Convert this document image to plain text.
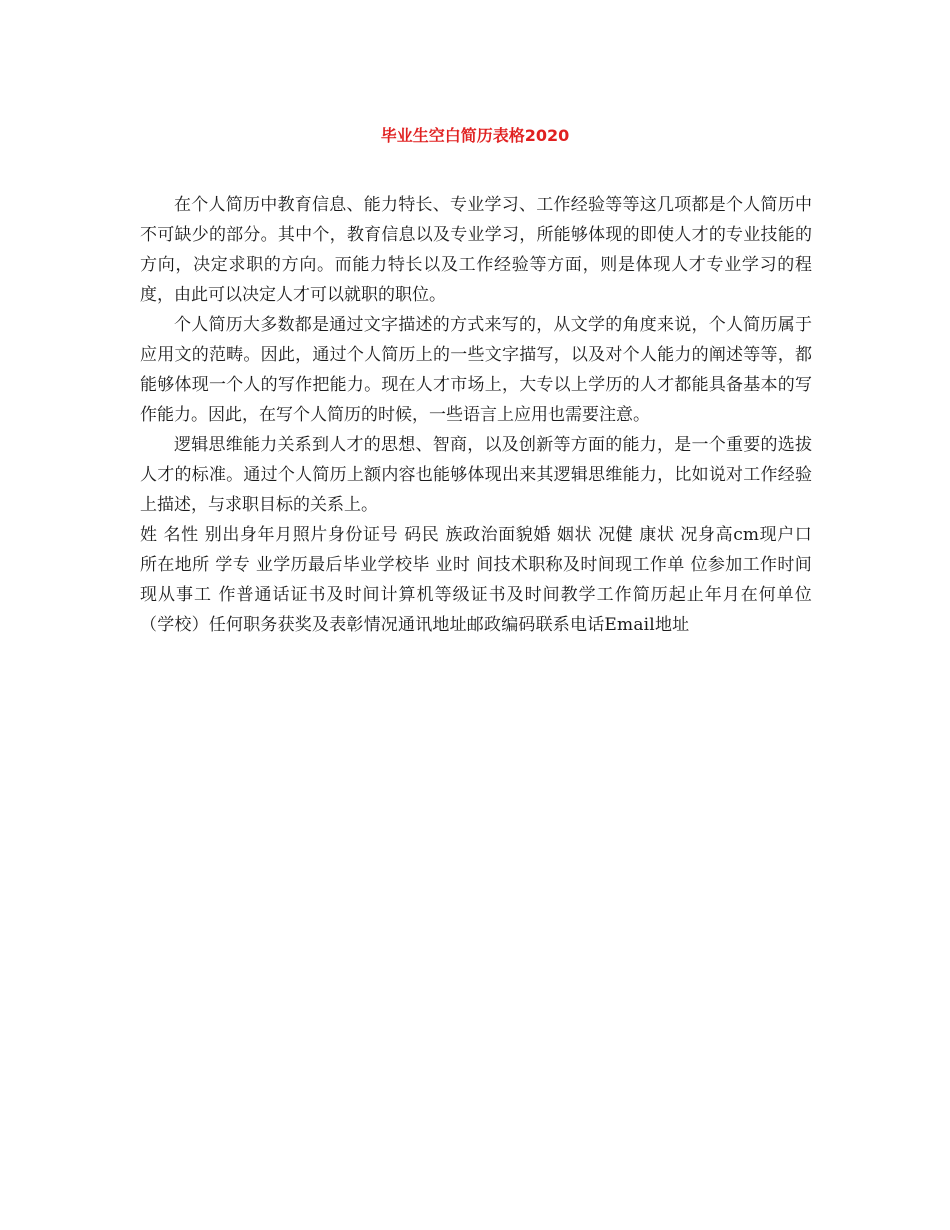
毕业生空白简历表格2020

在个人简历中教育信息、能力特长、专业学习、工作经验等等这几项都是个人简历中不可缺少的部分。其中个，教育信息以及专业学习，所能够体现的即使人才的专业技能的方向，决定求职的方向。而能力特长以及工作经验等方面，则是体现人才专业学习的程度，由此可以决定人才可以就职的职位。

个人简历大多数都是通过文字描述的方式来写的，从文学的角度来说，个人简历属于应用文的范畴。因此，通过个人简历上的一些文字描写，以及对个人能力的阐述等等，都能够体现一个人的写作把能力。现在人才市场上，大专以上学历的人才都能具备基本的写作能力。因此，在写个人简历的时候，一些语言上应用也需要注意。

逻辑思维能力关系到人才的思想、智商，以及创新等方面的能力，是一个重要的选拔人才的标准。通过个人简历上额内容也能够体现出来其逻辑思维能力，比如说对工作经验上描述，与求职目标的关系上。

姓 名性 别出身年月照片身份证号 码民 族政治面貌婚 姻状 况健 康状 况身高cm现户口所在地所 学专 业学历最后毕业学校毕 业时 间技术职称及时间现工作单 位参加工作时间现从事工 作普通话证书及时间计算机等级证书及时间教学工作简历起止年月在何单位（学校）任何职务获奖及表彰情况通讯地址邮政编码联系电话Email地址
